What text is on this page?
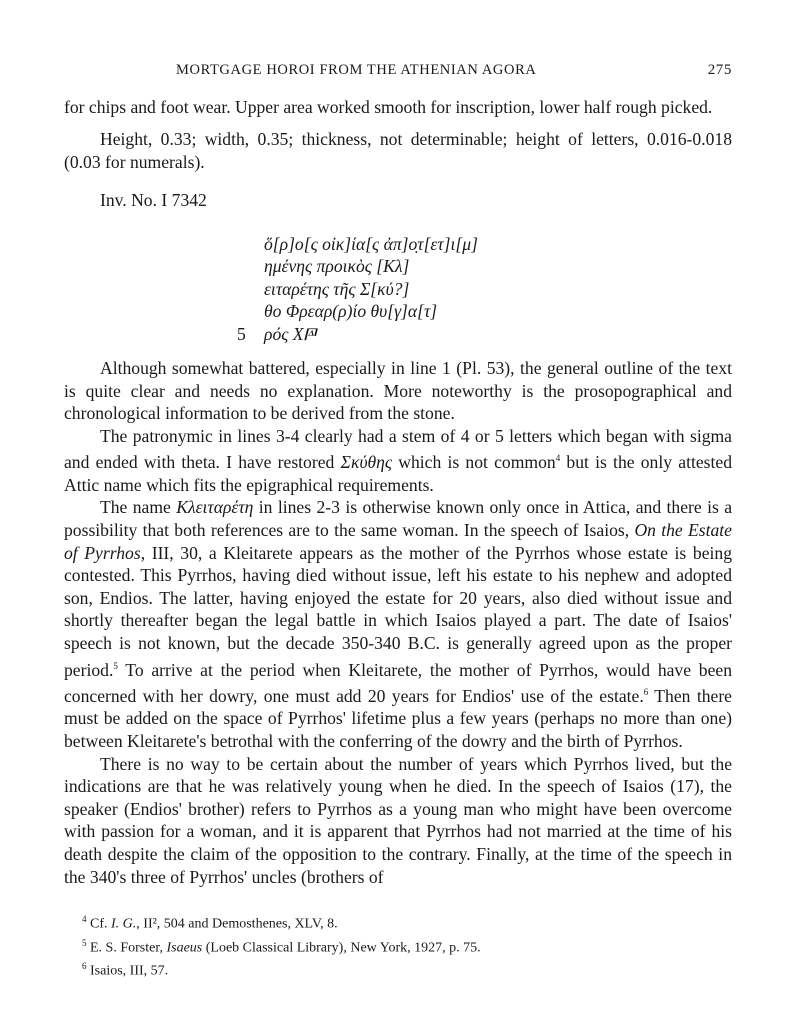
MORTGAGE HOROI FROM THE ATHENIAN AGORA	275

for chips and foot wear. Upper area worked smooth for inscription, lower half rough picked.

Height, 0.33; width, 0.35; thickness, not determinable; height of letters, 0.016-0.018 (0.03 for numerals).

Inv. No. I 7342

ὅ[ρ]ο[ς οἰκ]ία[ς ἀπ]ο̣τ[ετ]ι[μ]
ημένης προικὸς [Κλ]
ειταρέτης τῆς Σ[κύ?]
θο Φρεαρ(ρ)ίο θυ[γ]α[τ]
5 ρός Χ𐅄

Although somewhat battered, especially in line 1 (Pl. 53), the general outline of the text is quite clear and needs no explanation. More noteworthy is the prosopographical and chronological information to be derived from the stone.

The patronymic in lines 3-4 clearly had a stem of 4 or 5 letters which began with sigma and ended with theta. I have restored Σκύθης which is not common$^4$ but is the only attested Attic name which fits the epigraphical requirements.

The name Κλειταρέτη in lines 2-3 is otherwise known only once in Attica, and there is a possibility that both references are to the same woman. In the speech of Isaios, On the Estate of Pyrrhos, III, 30, a Kleitarete appears as the mother of the Pyrrhos whose estate is being contested. This Pyrrhos, having died without issue, left his estate to his nephew and adopted son, Endios. The latter, having enjoyed the estate for 20 years, also died without issue and shortly thereafter began the legal battle in which Isaios played a part. The date of Isaios' speech is not known, but the decade 350-340 B.C. is generally agreed upon as the proper period.$^5$ To arrive at the period when Kleitarete, the mother of Pyrrhos, would have been concerned with her dowry, one must add 20 years for Endios' use of the estate.$^6$ Then there must be added on the space of Pyrrhos' lifetime plus a few years (perhaps no more than one) between Kleitarete's betrothal with the conferring of the dowry and the birth of Pyrrhos.

There is no way to be certain about the number of years which Pyrrhos lived, but the indications are that he was relatively young when he died. In the speech of Isaios (17), the speaker (Endios' brother) refers to Pyrrhos as a young man who might have been overcome with passion for a woman, and it is apparent that Pyrrhos had not married at the time of his death despite the claim of the opposition to the contrary. Finally, at the time of the speech in the 340's three of Pyrrhos' uncles (brothers of

$^4$ Cf. I. G., II², 504 and Demosthenes, XLV, 8.

$^5$ E. S. Forster, Isaeus (Loeb Classical Library), New York, 1927, p. 75.

$^6$ Isaios, III, 57.
